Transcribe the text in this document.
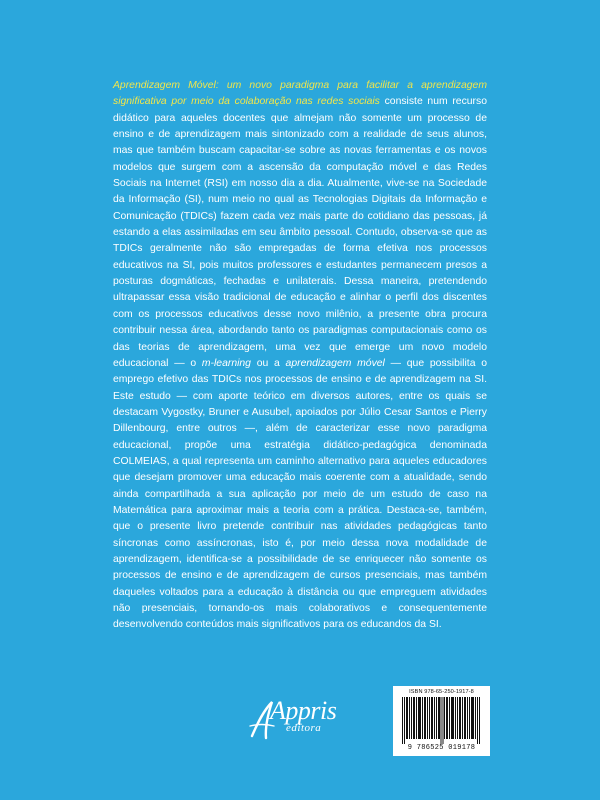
Aprendizagem Móvel: um novo paradigma para facilitar a aprendizagem significativa por meio da colaboração nas redes sociais consiste num recurso didático para aqueles docentes que almejam não somente um processo de ensino e de aprendizagem mais sintonizado com a realidade de seus alunos, mas que também buscam capacitar-se sobre as novas ferramentas e os novos modelos que surgem com a ascensão da computação móvel e das Redes Sociais na Internet (RSI) em nosso dia a dia. Atualmente, vive-se na Sociedade da Informação (SI), num meio no qual as Tecnologias Digitais da Informação e Comunicação (TDICs) fazem cada vez mais parte do cotidiano das pessoas, já estando a elas assimiladas em seu âmbito pessoal. Contudo, observa-se que as TDICs geralmente não são empregadas de forma efetiva nos processos educativos na SI, pois muitos professores e estudantes permanecem presos a posturas dogmáticas, fechadas e unilaterais. Dessa maneira, pretendendo ultrapassar essa visão tradicional de educação e alinhar o perfil dos discentes com os processos educativos desse novo milênio, a presente obra procura contribuir nessa área, abordando tanto os paradigmas computacionais como os das teorias de aprendizagem, uma vez que emerge um novo modelo educacional — o m-learning ou a aprendizagem móvel — que possibilita o emprego efetivo das TDICs nos processos de ensino e de aprendizagem na SI. Este estudo — com aporte teórico em diversos autores, entre os quais se destacam Vygostky, Bruner e Ausubel, apoiados por Júlio Cesar Santos e Pierry Dillenbourg, entre outros —, além de caracterizar esse novo paradigma educacional, propõe uma estratégia didático-pedagógica denominada COLMEIAS, a qual representa um caminho alternativo para aqueles educadores que desejam promover uma educação mais coerente com a atualidade, sendo ainda compartilhada a sua aplicação por meio de um estudo de caso na Matemática para aproximar mais a teoria com a prática. Destaca-se, também, que o presente livro pretende contribuir nas atividades pedagógicas tanto síncronas como assíncronas, isto é, por meio dessa nova modalidade de aprendizagem, identifica-se a possibilidade de se enriquecer não somente os processos de ensino e de aprendizagem de cursos presenciais, mas também daqueles voltados para a educação à distância ou que empreguem atividades não presenciais, tornando-os mais colaborativos e consequentemente desenvolvendo conteúdos mais significativos para os educandos da SI.

Appris
editora
ISBN 978-65-250-1917-8
9 786525 019178
